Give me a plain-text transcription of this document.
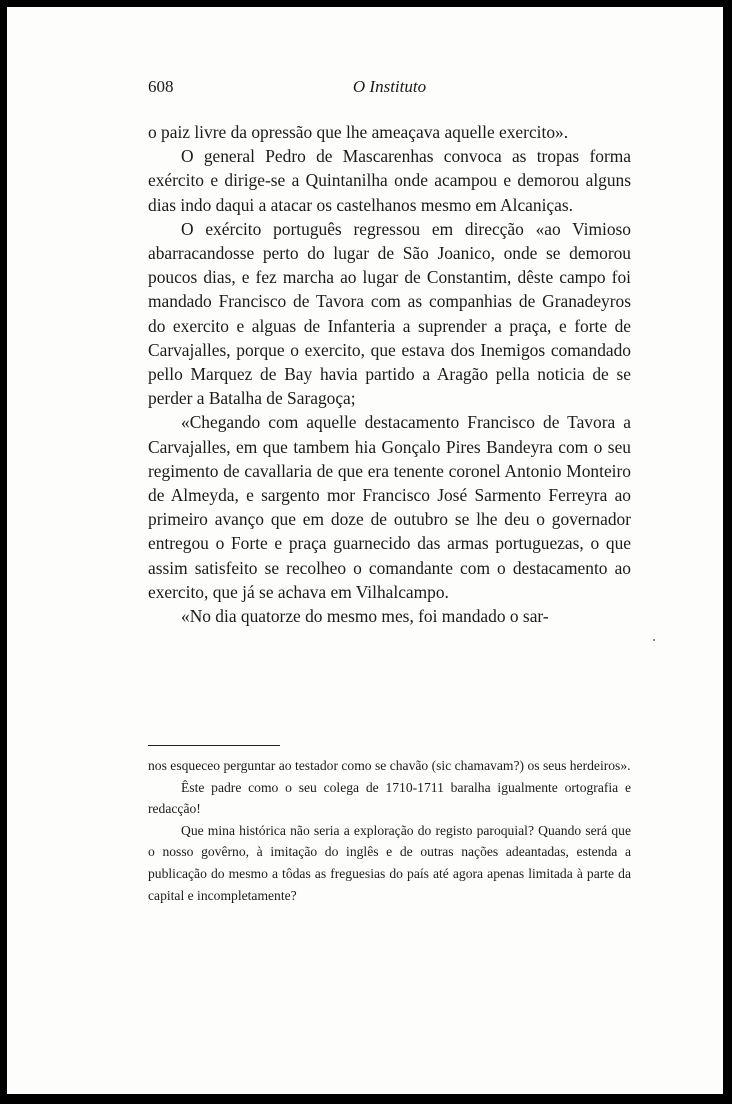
608	O Instituto

o paiz livre da opressão que lhe ameaçava aquelle exercito».

O general Pedro de Mascarenhas convoca as tropas forma exército e dirige-se a Quintanilha onde acampou e demorou alguns dias indo daqui a atacar os castelhanos mesmo em Alcaniças.

O exército português regressou em direcção «ao Vimioso abarracandosse perto do lugar de São Joanico, onde se demorou poucos dias, e fez marcha ao lugar de Constantim, dêste campo foi mandado Francisco de Tavora com as companhias de Granadeyros do exercito e alguas de Infanteria a suprender a praça, e forte de Carvajalles, porque o exercito, que estava dos Inemigos comandado pello Marquez de Bay havia partido a Aragão pella noticia de se perder a Batalha de Saragoça;

«Chegando com aquelle destacamento Francisco de Tavora a Carvajalles, em que tambem hia Gonçalo Pires Bandeyra com o seu regimento de cavallaria de que era tenente coronel Antonio Monteiro de Almeyda, e sargento mor Francisco José Sarmento Ferreyra ao primeiro avanço que em doze de outubro se lhe deu o governador entregou o Forte e praça guarnecido das armas portuguezas, o que assim satisfeito se recolheo o comandante com o destacamento ao exercito, que já se achava em Vilhalcampo.

«No dia quatorze do mesmo mes, foi mandado o sar-

nos esqueceo perguntar ao testador como se chavão (sic chamavam?) os seus herdeiros».

Êste padre como o seu colega de 1710-1711 baralha igualmente ortografia e redacção!

Que mina histórica não seria a exploração do registo paroquial? Quando será que o nosso govêrno, à imitação do inglês e de outras nações adeantadas, estenda a publicação do mesmo a tôdas as freguesias do país até agora apenas limitada à parte da capital e incompletamente?
